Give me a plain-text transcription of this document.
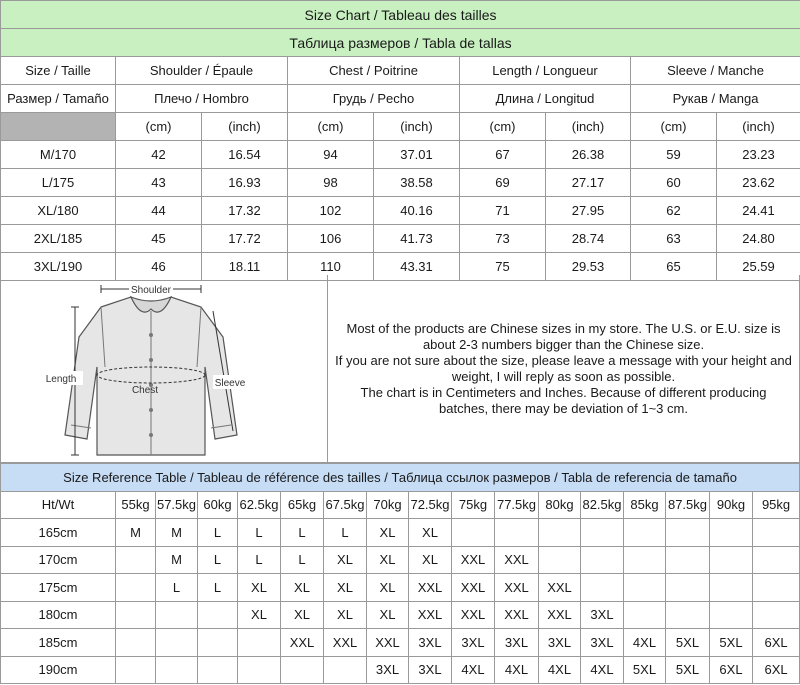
Size Chart / Tableau des tailles								
Таблица размеров / Tabla de tallas								
Size / Taille	Shoulder / Épaule		Chest / Poitrine		Length / Longueur		Sleeve / Manche	
Размер / Tamaño	Плечо / Hombro		Грудь / Pecho		Длина / Longitud		Рукав / Manga	
	(cm)	(inch)	(cm)	(inch)	(cm)	(inch)	(cm)	(inch)
M/170	42	16.54	94	37.01	67	26.38	59	23.23
L/175	43	16.93	98	38.58	69	27.17	60	23.62
XL/180	44	17.32	102	40.16	71	27.95	62	24.41
2XL/185	45	17.72	106	41.73	73	28.74	63	24.80
3XL/190	46	18.11	110	43.31	75	29.53	65	25.59
Shoulder
Length
Chest
Sleeve
Most of the products are Chinese sizes in my store. The U.S. or E.U. size is
about 2-3 numbers bigger than the Chinese size.
If you are not sure about the size, please leave a message with your height and
weight, I will reply as soon as possible.
The chart is in Centimeters and Inches. Because of different producing
batches, there may be deviation of 1~3 cm.
Size Reference Table / Tableau de référence des tailles / Таблица ссылок размеров / Tabla de referencia de tamaño																
Ht/Wt	55kg	57.5kg	60kg	62.5kg	65kg	67.5kg	70kg	72.5kg	75kg	77.5kg	80kg	82.5kg	85kg	87.5kg	90kg	95kg
165cm	M	M	L	L	L	L	XL	XL								
170cm		M	L	L	L	XL	XL	XL	XXL	XXL						
175cm		L	L	XL	XL	XL	XL	XXL	XXL	XXL	XXL					
180cm				XL	XL	XL	XL	XXL	XXL	XXL	XXL	3XL				
185cm					XXL	XXL	XXL	3XL	3XL	3XL	3XL	3XL	4XL	5XL	5XL	6XL
190cm							3XL	3XL	4XL	4XL	4XL	4XL	5XL	5XL	6XL	6XL
